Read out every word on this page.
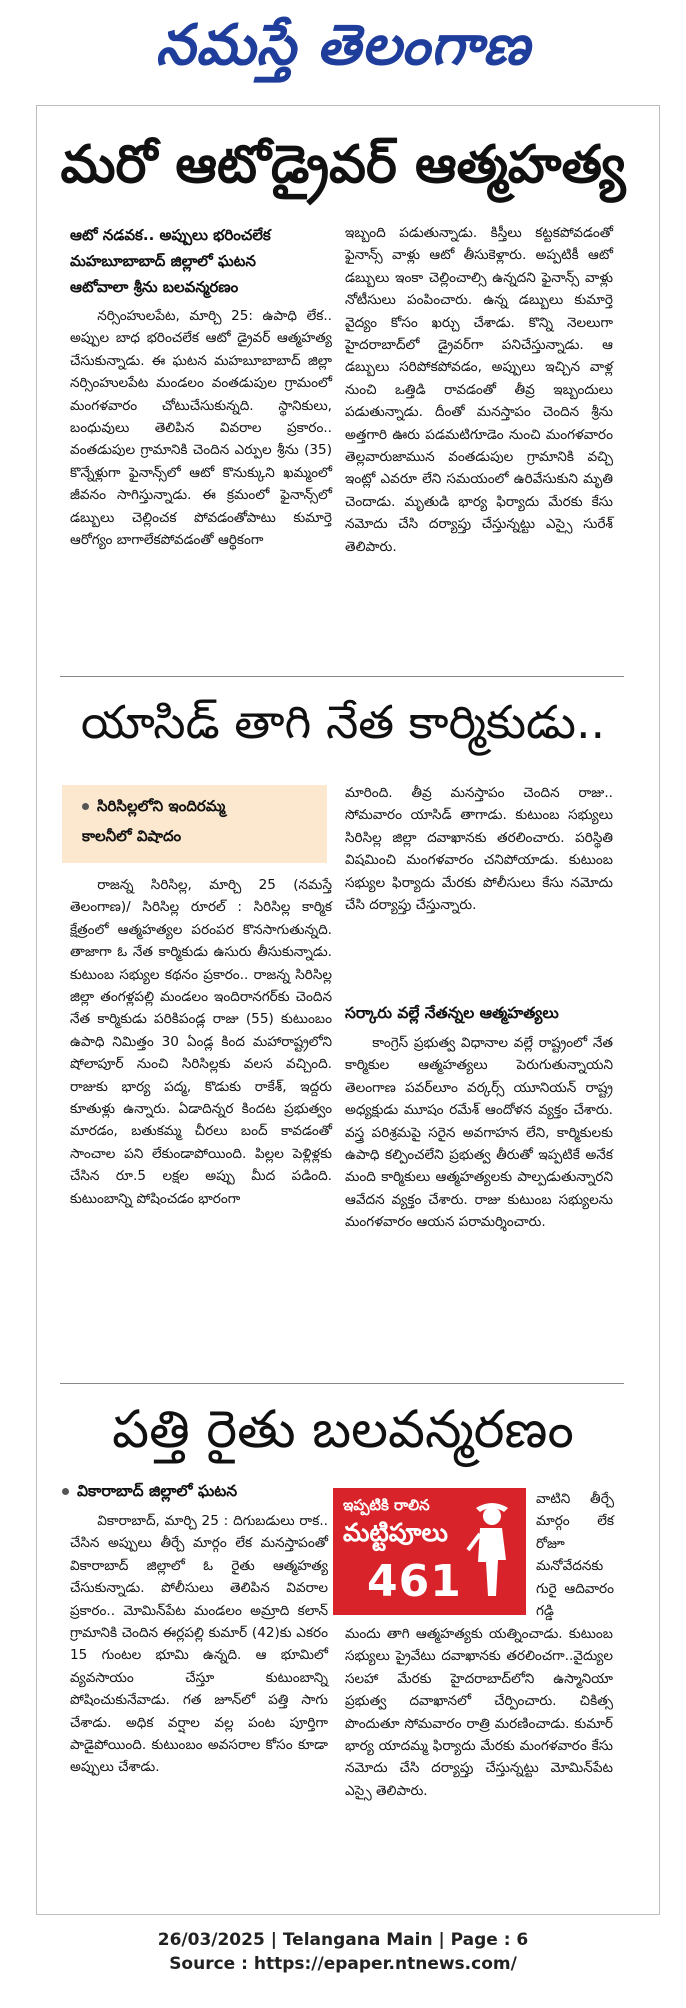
నమస్తే తెలంగాణ
మరో ఆటోడ్రైవర్ ఆత్మహత్య
ఆటో నడవక.. అప్పులు భరించలేక
మహబూబాబాద్ జిల్లాలో ఘటన
ఆటోవాలా శ్రీను బలవన్మరణం

నర్సింహులపేట, మార్చి 25: ఉపాధి లేక.. అప్పుల బాధ భరించలేక ఆటో డ్రైవర్ ఆత్మహత్య చేసుకున్నాడు. ఈ ఘటన మహబూబాబాద్ జిల్లా నర్సింహులపేట మండలం వంతడుపుల గ్రామంలో మంగళవారం చోటుచేసుకున్నది. స్థానికులు, బంధువులు తెలిపిన వివరాల ప్రకారం.. వంతడుపుల గ్రామానికి చెందిన ఎర్పుల శ్రీను (35) కొన్నేళ్లుగా ఫైనాన్స్‌లో ఆటో కొనుక్కుని ఖమ్మంలో జీవనం సాగిస్తున్నాడు. ఈ క్రమంలో ఫైనాన్స్‌లో డబ్బులు చెల్లించక పోవడంతోపాటు కుమార్తె ఆరోగ్యం బాగాలేకపోవడంతో ఆర్థికంగా

ఇబ్బంది పడుతున్నాడు. కిస్తీలు కట్టకపోవడంతో ఫైనాన్స్ వాళ్లు ఆటో తీసుకెళ్లారు. అప్పటికీ ఆటో డబ్బులు ఇంకా చెల్లించాల్సి ఉన్నదని ఫైనాన్స్ వాళ్లు నోటీసులు పంపించారు. ఉన్న డబ్బులు కుమార్తె వైద్యం కోసం ఖర్చు చేశాడు. కొన్ని నెలలుగా హైదరాబాద్‌లో డ్రైవర్‌గా పనిచేస్తున్నాడు. ఆ డబ్బులు సరిపోకపోవడం, అప్పులు ఇచ్చిన వాళ్ల నుంచి ఒత్తిడి రావడంతో తీవ్ర ఇబ్బందులు పడుతున్నాడు. దీంతో మనస్తాపం చెందిన శ్రీను అత్తగారి ఊరు పడమటిగూడెం నుంచి మంగళవారం తెల్లవారుజామున వంతడుపుల గ్రామానికి వచ్చి ఇంట్లో ఎవరూ లేని సమయంలో ఉరివేసుకుని మృతి చెందాడు. మృతుడి భార్య ఫిర్యాదు మేరకు కేసు నమోదు చేసి దర్యాప్తు చేస్తున్నట్టు ఎస్సై సురేశ్ తెలిపారు.

యాసిడ్ తాగి నేత కార్మికుడు..
సిరిసిల్లలోని ఇందిరమ్మ
కాలనీలో విషాదం

రాజన్న సిరిసిల్ల, మార్చి 25 (నమస్తే తెలంగాణ)/ సిరిసిల్ల రూరల్ : సిరిసిల్ల కార్మిక క్షేత్రంలో ఆత్మహత్యల పరంపర కొనసాగుతున్నది. తాజాగా ఓ నేత కార్మికుడు ఉసురు తీసుకున్నాడు. కుటుంబ సభ్యుల కథనం ప్రకారం.. రాజన్న సిరిసిల్ల జిల్లా తంగళ్లపల్లి మండలం ఇందిరానగర్‌కు చెందిన నేత కార్మికుడు పరికిపండ్ల రాజు (55) కుటుంబం ఉపాధి నిమిత్తం 30 ఏండ్ల కింద మహారాష్ట్రలోని షోలాపూర్ నుంచి సిరిసిల్లకు వలస వచ్చింది. రాజుకు భార్య పద్మ, కొడుకు రాకేశ్, ఇద్దరు కూతుళ్లు ఉన్నారు. ఏడాదిన్నర కిందట ప్రభుత్వం మారడం, బతుకమ్మ చీరలు బంద్ కావడంతో సాంచాల పని లేకుండాపోయింది. పిల్లల పెళ్లిళ్లకు చేసిన రూ.5 లక్షల అప్పు మీద పడింది. కుటుంబాన్ని పోషించడం భారంగా

మారింది. తీవ్ర మనస్తాపం చెందిన రాజు.. సోమవారం యాసిడ్ తాగాడు. కుటుంబ సభ్యులు సిరిసిల్ల జిల్లా దవాఖానకు తరలించారు. పరిస్థితి విషమించి మంగళవారం చనిపోయాడు. కుటుంబ సభ్యుల ఫిర్యాదు మేరకు పోలీసులు కేసు నమోదు చేసి దర్యాప్తు చేస్తున్నారు.

సర్కారు వల్లే నేతన్నల ఆత్మహత్యలు

కాంగ్రెస్ ప్రభుత్వ విధానాల వల్లే రాష్ట్రంలో నేత కార్మికుల ఆత్మహత్యలు పెరుగుతున్నాయని తెలంగాణ పవర్‌లూం వర్కర్స్ యూనియన్ రాష్ట్ర అధ్యక్షుడు మూషం రమేశ్ ఆందోళన వ్యక్తం చేశారు. వస్త్ర పరిశ్రమపై సరైన అవగాహన లేని, కార్మికులకు ఉపాధి కల్పించలేని ప్రభుత్వ తీరుతో ఇప్పటికే అనేక మంది కార్మికులు ఆత్మహత్యలకు పాల్పడుతున్నారని ఆవేదన వ్యక్తం చేశారు. రాజు కుటుంబ సభ్యులను మంగళవారం ఆయన పరామర్శించారు.

పత్తి రైతు బలవన్మరణం
వికారాబాద్ జిల్లాలో ఘటన

వికారాబాద్, మార్చి 25 : దిగుబడులు రాక.. చేసిన అప్పులు తీర్చే మార్గం లేక మనస్తాపంతో వికారాబాద్ జిల్లాలో ఓ రైతు ఆత్మహత్య చేసుకున్నాడు. పోలీసులు తెలిపిన వివరాల ప్రకారం.. మోమిన్‌పేట మండలం అమ్రాది కలాన్ గ్రామానికి చెందిన ఈర్లపల్లి కుమార్ (42)కు ఎకరం 15 గుంటల భూమి ఉన్నది. ఆ భూమిలో వ్యవసాయం చేస్తూ కుటుంబాన్ని పోషించుకునేవాడు. గత జూన్‌లో పత్తి సాగు చేశాడు. అధిక వర్షాల వల్ల పంట పూర్తిగా పాడైపోయింది. కుటుంబం అవసరాల కోసం కూడా అప్పులు చేశాడు.

ఇప్పటికి రాలిన
మట్టిపూలు
461

వాటిని తీర్చే మార్గం లేక రోజూ మనోవేదనకు గురై ఆదివారం గడ్డి

మందు తాగి ఆత్మహత్యకు యత్నించాడు. కుటుంబ సభ్యులు ప్రైవేటు దవాఖానకు తరలించగా..వైద్యుల సలహా మేరకు హైదరాబాద్‌లోని ఉస్మానియా ప్రభుత్వ దవాఖానలో చేర్పించారు. చికిత్స పొందుతూ సోమవారం రాత్రి మరణించాడు. కుమార్ భార్య యాదమ్మ ఫిర్యాదు మేరకు మంగళవారం కేసు నమోదు చేసి దర్యాప్తు చేస్తున్నట్టు మోమిన్‌పేట ఎస్సై తెలిపారు.

26/03/2025 | Telangana Main | Page : 6
Source : https://epaper.ntnews.com/
